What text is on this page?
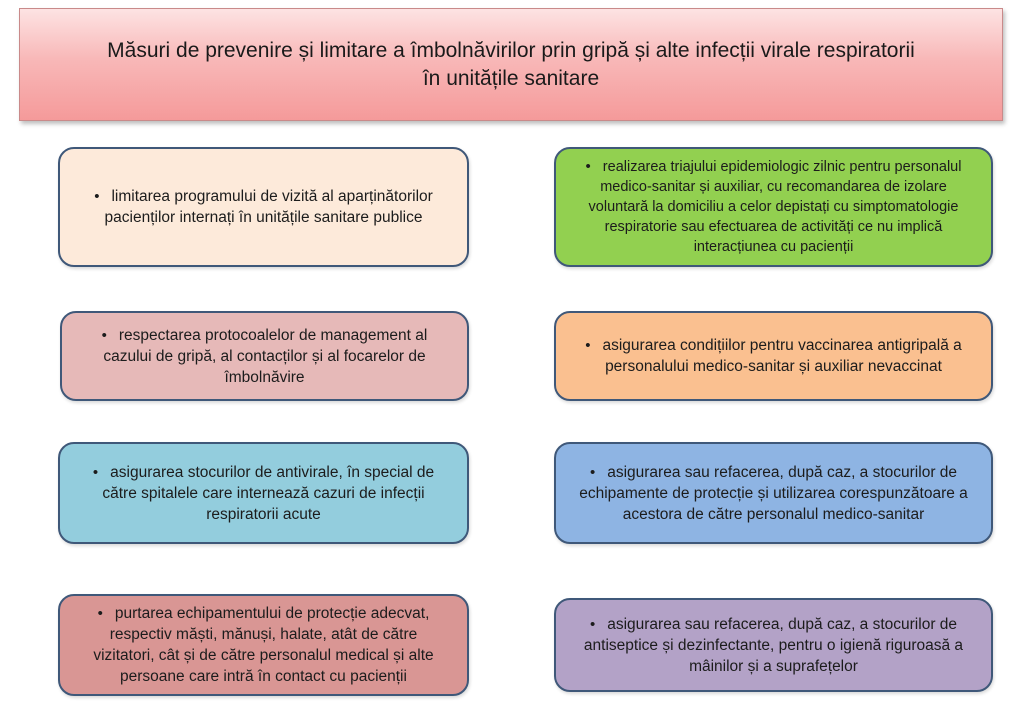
Măsuri de prevenire și limitare a îmbolnăvirilor prin gripă și alte infecții virale respiratorii
în unitățile sanitare
• limitarea programului de vizită al aparținătorilor pacienților internați în unitățile sanitare publice
• realizarea triajului epidemiologic zilnic pentru personalul medico-sanitar și auxiliar, cu recomandarea de izolare voluntară la domiciliu a celor depistați cu simptomatologie respiratorie sau efectuarea de activități ce nu implică interacțiunea cu pacienții
• respectarea protocoalelor de management al cazului de gripă, al contacților și al focarelor de îmbolnăvire
• asigurarea condițiilor pentru vaccinarea antigripală a personalului medico-sanitar și auxiliar nevaccinat
• asigurarea stocurilor de antivirale, în special de către spitalele care internează cazuri de infecții respiratorii acute
• asigurarea sau refacerea, după caz, a stocurilor de echipamente de protecție și utilizarea corespunzătoare a acestora de către personalul medico-sanitar
• purtarea echipamentului de protecție adecvat, respectiv măști, mănuși, halate, atât de către vizitatori, cât și de către personalul medical și alte persoane care intră în contact cu pacienții
• asigurarea sau refacerea, după caz, a stocurilor de antiseptice și dezinfectante, pentru o igienă riguroasă a mâinilor și a suprafețelor
